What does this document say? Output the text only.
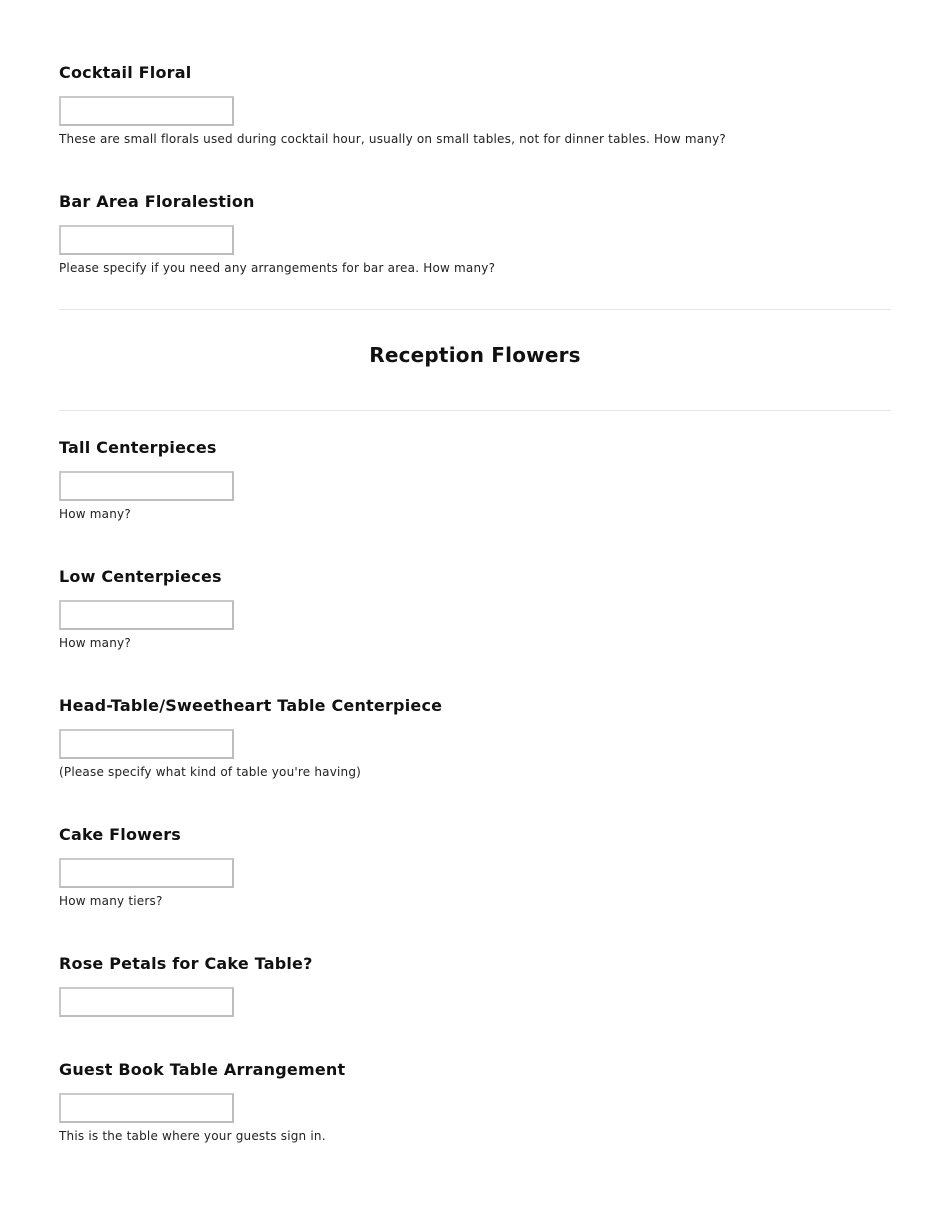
Cocktail Floral
These are small florals used during cocktail hour, usually on small tables, not for dinner tables. How many?
Bar Area Floralestion
Please specify if you need any arrangements for bar area. How many?
Reception Flowers
Tall Centerpieces
How many?
Low Centerpieces
How many?
Head-Table/Sweetheart Table Centerpiece
(Please specify what kind of table you're having)
Cake Flowers
How many tiers?
Rose Petals for Cake Table?
Guest Book Table Arrangement
This is the table where your guests sign in.
